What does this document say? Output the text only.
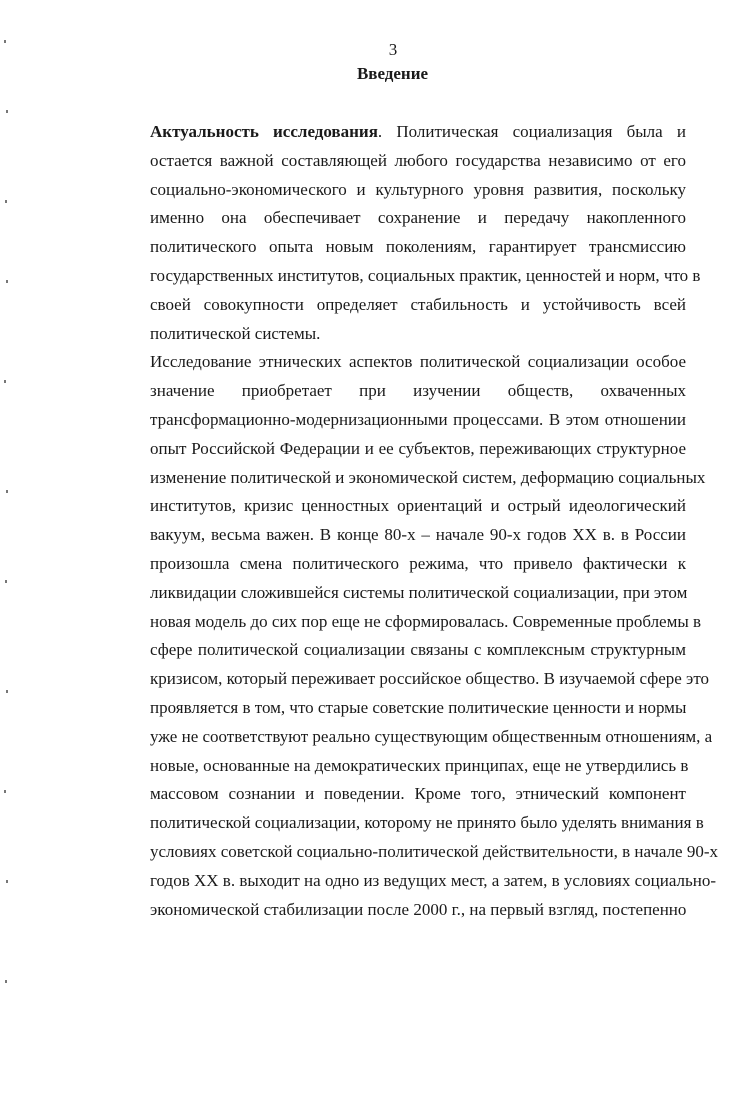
3
Введение

Актуальность исследования. Политическая социализация была и
остается важной составляющей любого государства независимо от его
социально-экономического и культурного уровня развития, поскольку
именно она обеспечивает сохранение и передачу накопленного
политического опыта новым поколениям, гарантирует трансмиссию
государственных институтов, социальных практик, ценностей и норм, что в
своей совокупности определяет стабильность и устойчивость всей
политической системы.

Исследование этнических аспектов политической социализации особое
значение приобретает при изучении обществ, охваченных
трансформационно-модернизационными процессами. В этом отношении
опыт Российской Федерации и ее субъектов, переживающих структурное
изменение политической и экономической систем, деформацию социальных
институтов, кризис ценностных ориентаций и острый идеологический
вакуум, весьма важен. В конце 80-х – начале 90-х годов XX в. в России
произошла смена политического режима, что привело фактически к
ликвидации сложившейся системы политической социализации, при этом
новая модель до сих пор еще не сформировалась. Современные проблемы в
сфере политической социализации связаны с комплексным структурным
кризисом, который переживает российское общество. В изучаемой сфере это
проявляется в том, что старые советские политические ценности и нормы
уже не соответствуют реально существующим общественным отношениям, а
новые, основанные на демократических принципах, еще не утвердились в
массовом сознании и поведении. Кроме того, этнический компонент
политической социализации, которому не принято было уделять внимания в
условиях советской социально-политической действительности, в начале 90-х
годов XX в. выходит на одно из ведущих мест, а затем, в условиях социально-
экономической стабилизации после 2000 г., на первый взгляд, постепенно
